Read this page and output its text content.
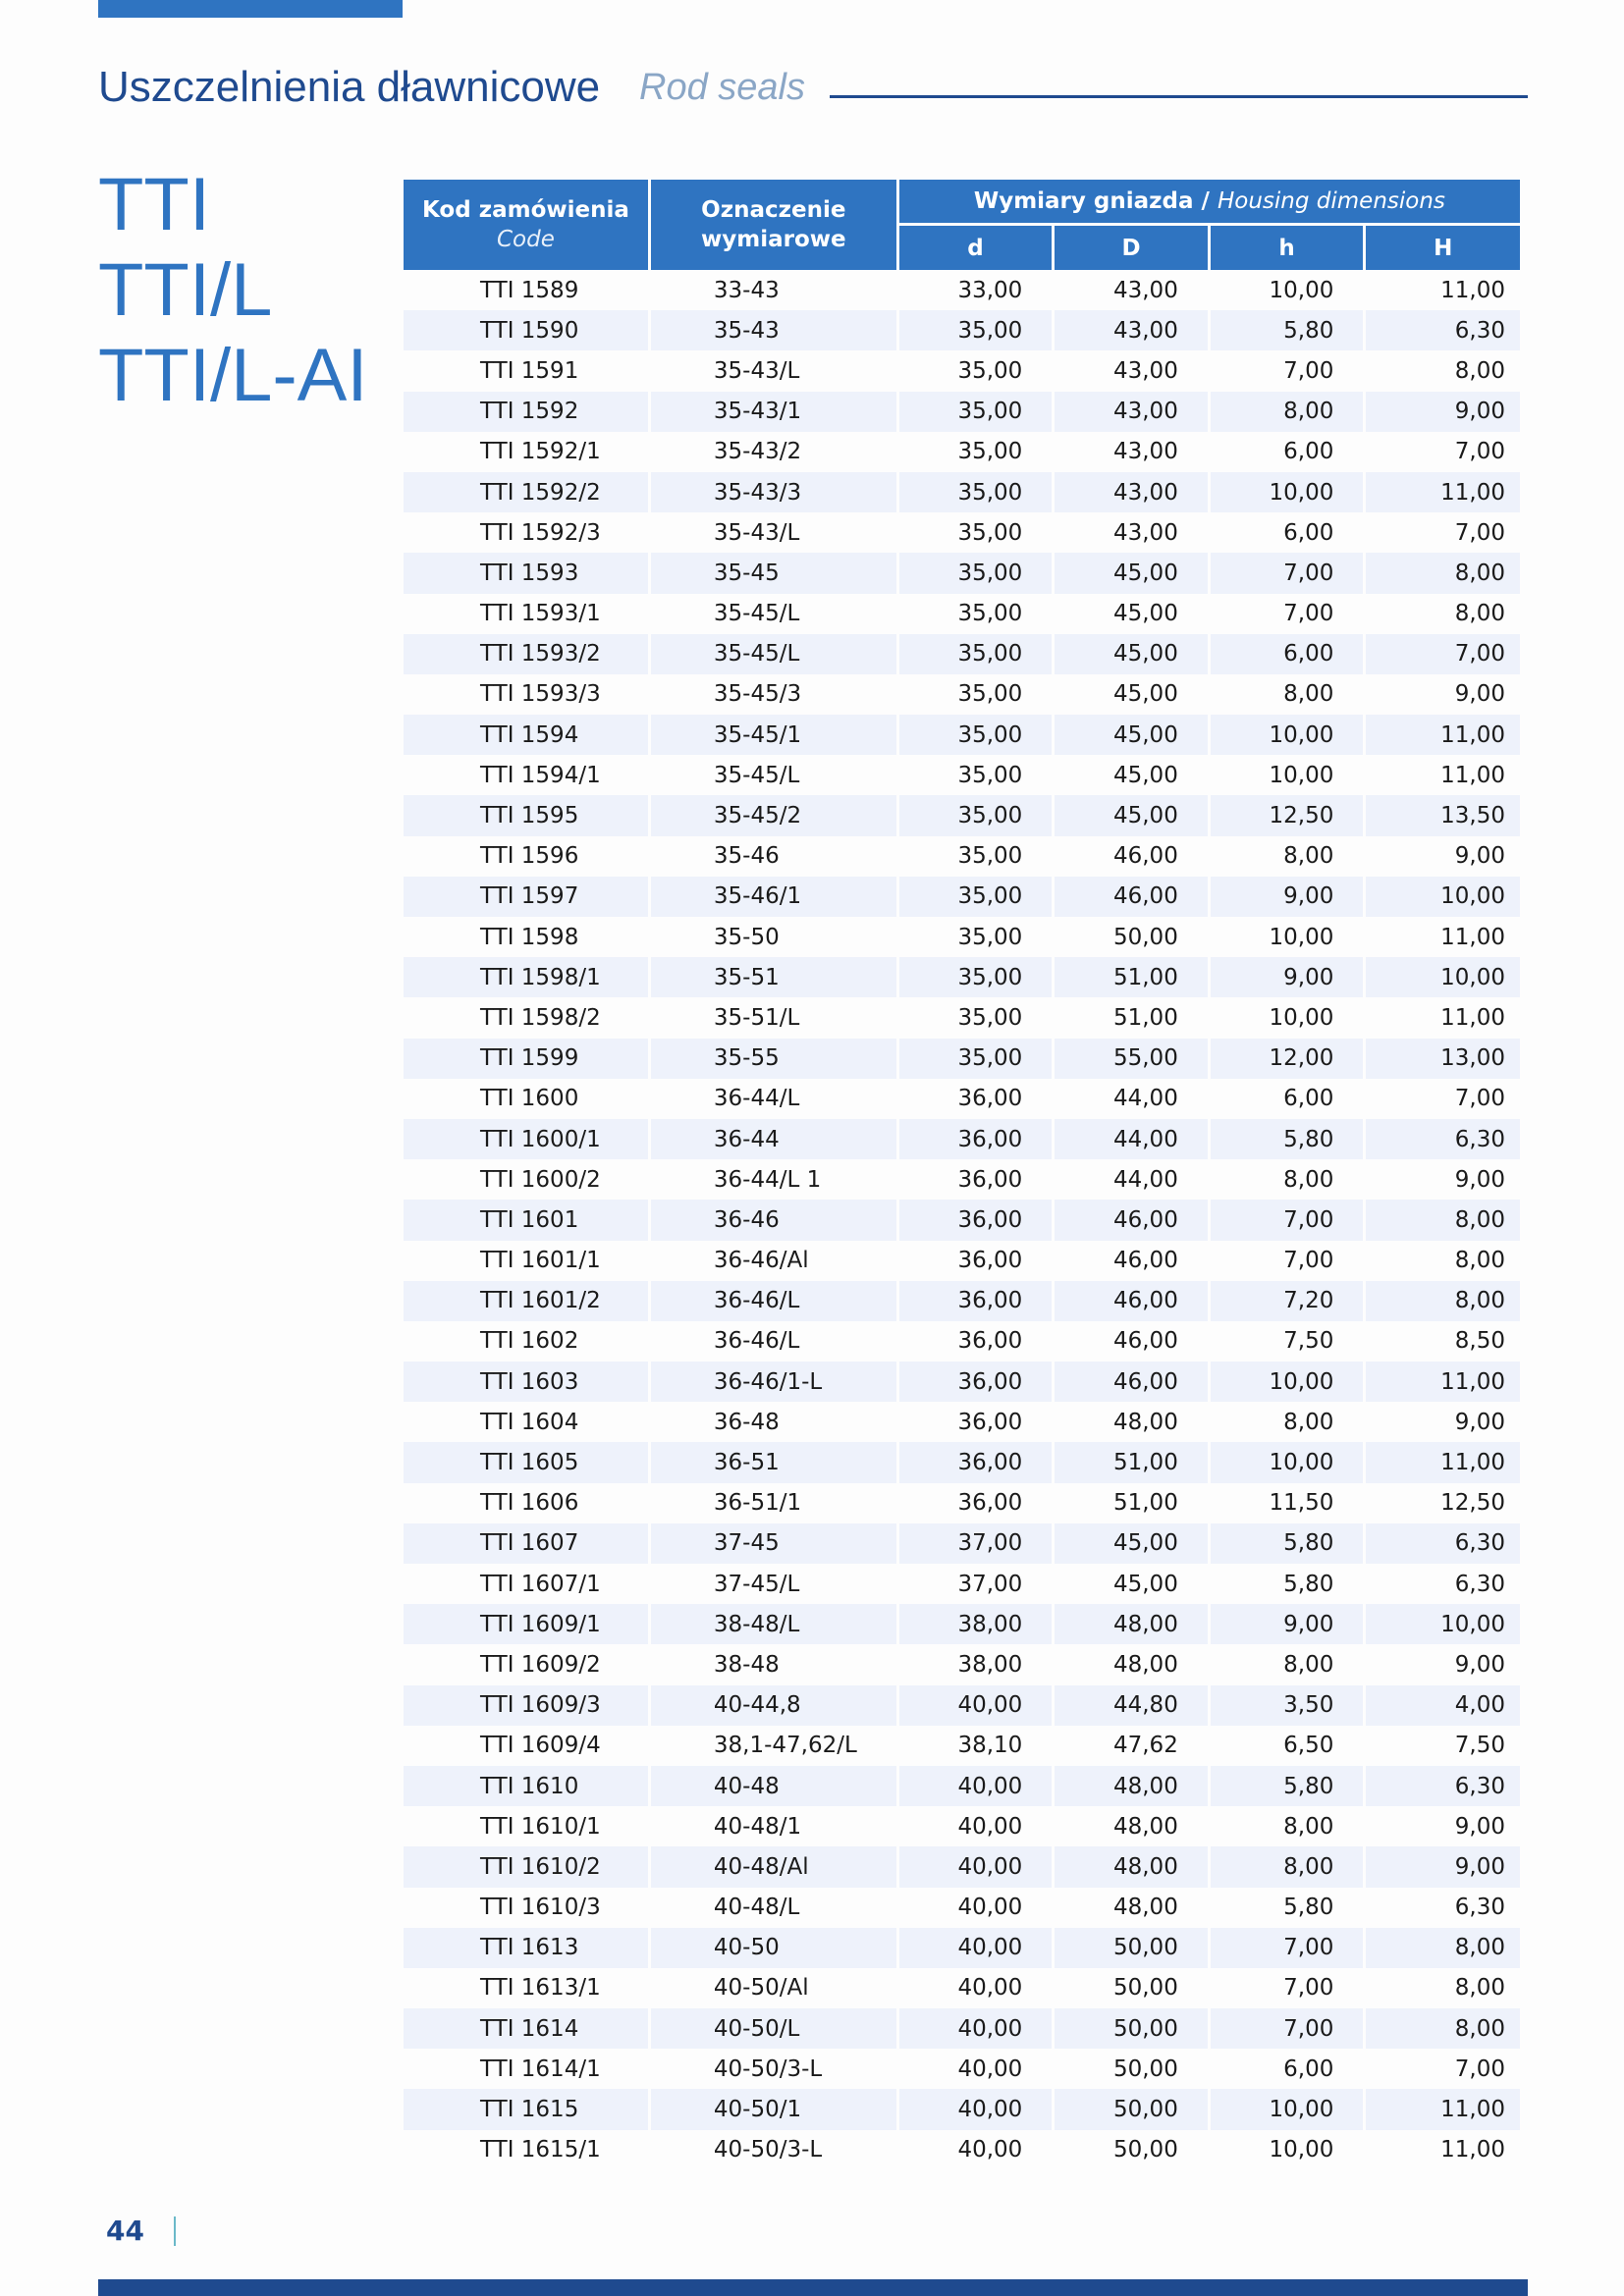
Uszczelnienia dławnicowe Rod seals
TTI
TTI/L
TTI/L-AI
Kod zamówienia
Code	Oznaczenie wymiarowe	Wymiary gniazda / Housing dimensions			
		d	D	h	H
TTI 1589	33-43	33,00	43,00	10,00	11,00
TTI 1590	35-43	35,00	43,00	5,80	6,30
TTI 1591	35-43/L	35,00	43,00	7,00	8,00
TTI 1592	35-43/1	35,00	43,00	8,00	9,00
TTI 1592/1	35-43/2	35,00	43,00	6,00	7,00
TTI 1592/2	35-43/3	35,00	43,00	10,00	11,00
TTI 1592/3	35-43/L	35,00	43,00	6,00	7,00
TTI 1593	35-45	35,00	45,00	7,00	8,00
TTI 1593/1	35-45/L	35,00	45,00	7,00	8,00
TTI 1593/2	35-45/L	35,00	45,00	6,00	7,00
TTI 1593/3	35-45/3	35,00	45,00	8,00	9,00
TTI 1594	35-45/1	35,00	45,00	10,00	11,00
TTI 1594/1	35-45/L	35,00	45,00	10,00	11,00
TTI 1595	35-45/2	35,00	45,00	12,50	13,50
TTI 1596	35-46	35,00	46,00	8,00	9,00
TTI 1597	35-46/1	35,00	46,00	9,00	10,00
TTI 1598	35-50	35,00	50,00	10,00	11,00
TTI 1598/1	35-51	35,00	51,00	9,00	10,00
TTI 1598/2	35-51/L	35,00	51,00	10,00	11,00
TTI 1599	35-55	35,00	55,00	12,00	13,00
TTI 1600	36-44/L	36,00	44,00	6,00	7,00
TTI 1600/1	36-44	36,00	44,00	5,80	6,30
TTI 1600/2	36-44/L 1	36,00	44,00	8,00	9,00
TTI 1601	36-46	36,00	46,00	7,00	8,00
TTI 1601/1	36-46/Al	36,00	46,00	7,00	8,00
TTI 1601/2	36-46/L	36,00	46,00	7,20	8,00
TTI 1602	36-46/L	36,00	46,00	7,50	8,50
TTI 1603	36-46/1-L	36,00	46,00	10,00	11,00
TTI 1604	36-48	36,00	48,00	8,00	9,00
TTI 1605	36-51	36,00	51,00	10,00	11,00
TTI 1606	36-51/1	36,00	51,00	11,50	12,50
TTI 1607	37-45	37,00	45,00	5,80	6,30
TTI 1607/1	37-45/L	37,00	45,00	5,80	6,30
TTI 1609/1	38-48/L	38,00	48,00	9,00	10,00
TTI 1609/2	38-48	38,00	48,00	8,00	9,00
TTI 1609/3	40-44,8	40,00	44,80	3,50	4,00
TTI 1609/4	38,1-47,62/L	38,10	47,62	6,50	7,50
TTI 1610	40-48	40,00	48,00	5,80	6,30
TTI 1610/1	40-48/1	40,00	48,00	8,00	9,00
TTI 1610/2	40-48/Al	40,00	48,00	8,00	9,00
TTI 1610/3	40-48/L	40,00	48,00	5,80	6,30
TTI 1613	40-50	40,00	50,00	7,00	8,00
TTI 1613/1	40-50/Al	40,00	50,00	7,00	8,00
TTI 1614	40-50/L	40,00	50,00	7,00	8,00
TTI 1614/1	40-50/3-L	40,00	50,00	6,00	7,00
TTI 1615	40-50/1	40,00	50,00	10,00	11,00
TTI 1615/1	40-50/3-L	40,00	50,00	10,00	11,00
44
